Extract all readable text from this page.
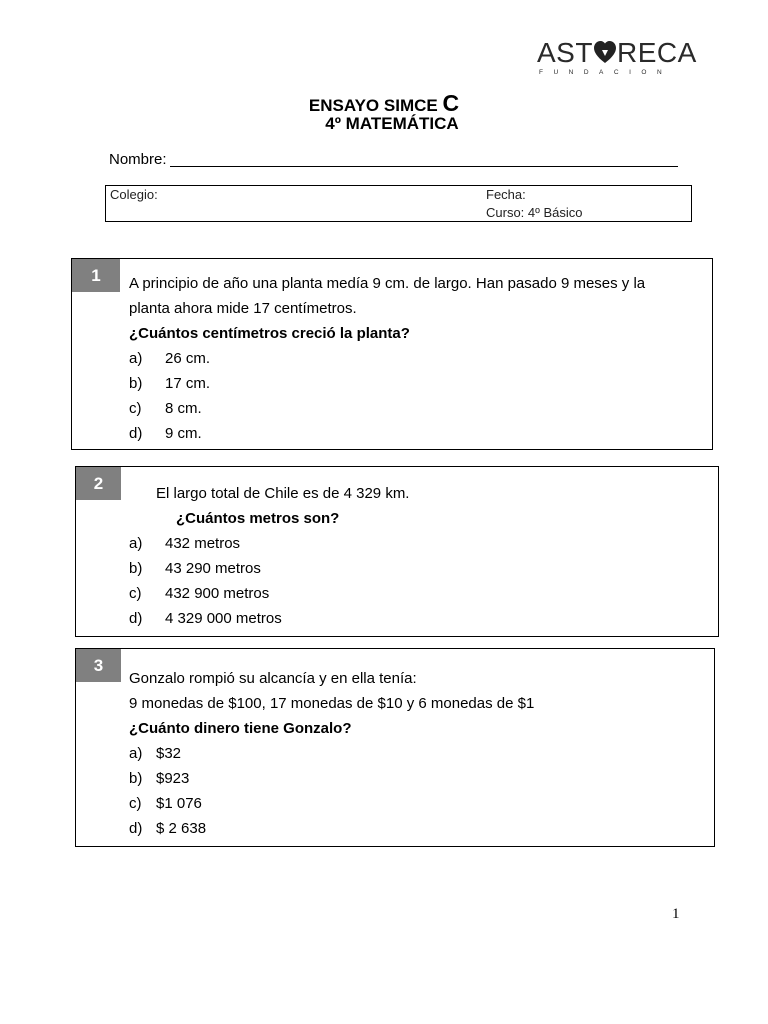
AST RECA
FUNDACION
ENSAYO SIMCE C
4º MATEMÁTICA
Nombre:
Colegio:	Fecha:
Curso: 4º Básico
1	A principio de año una planta medía 9 cm. de largo. Han pasado 9 meses y la
planta ahora mide 17 centímetros.
¿Cuántos centímetros creció la planta?
a) 26 cm.
b) 17 cm.
c) 8 cm.
d) 9 cm.
2
El largo total de Chile es de 4 329 km.
¿Cuántos metros son?
a) 432 metros
b) 43 290 metros
c) 432 900 metros
d) 4 329 000 metros
3
Gonzalo rompió su alcancía y en ella tenía:
9 monedas de $100, 17 monedas de $10 y 6 monedas de $1
¿Cuánto dinero tiene Gonzalo?
a) $32
b) $923
c) $1 076
d) $ 2 638
1
